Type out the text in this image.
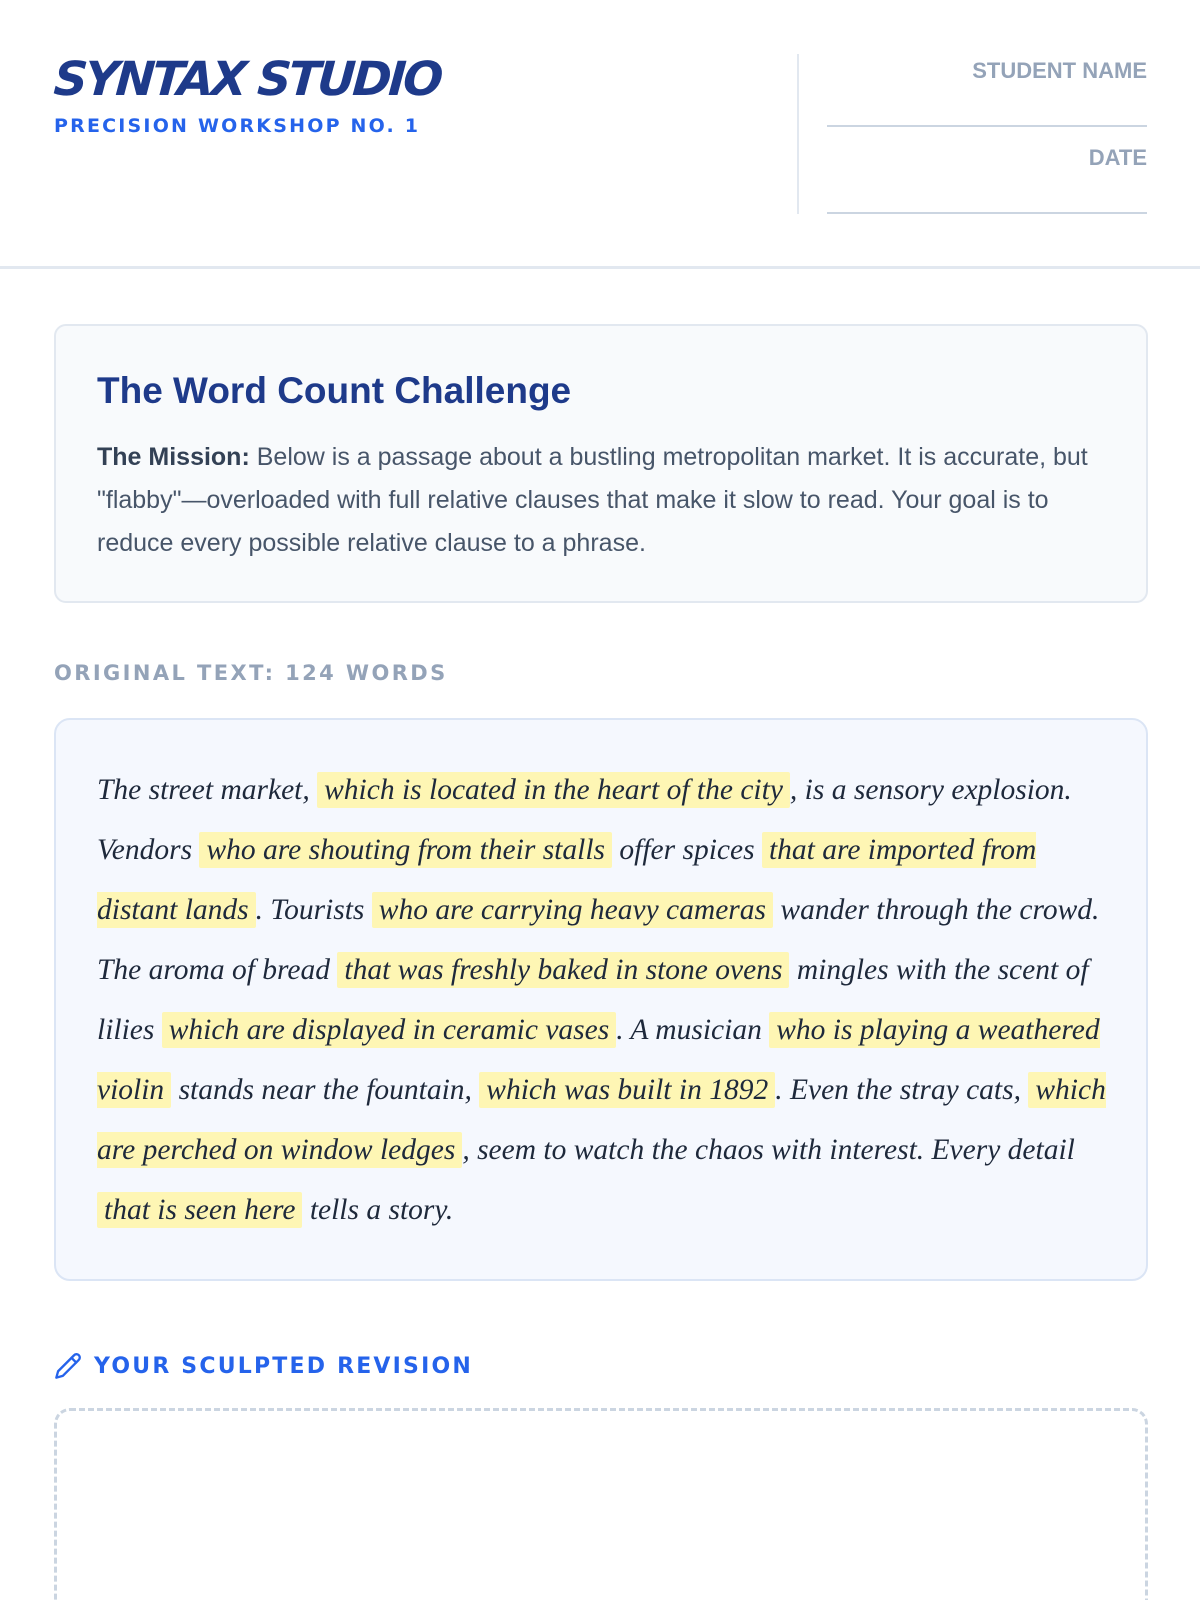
SYNTAX STUDIO
PRECISION WORKSHOP NO. 1
STUDENT NAME
DATE
The Word Count Challenge
The Mission: Below is a passage about a bustling metropolitan market. It is accurate, but "flabby"—overloaded with full relative clauses that make it slow to read. Your goal is to reduce every possible relative clause to a phrase.
ORIGINAL TEXT: 124 WORDS
The street market, which is located in the heart of the city , is a sensory explosion. Vendors who are shouting from their stalls offer spices that are imported from distant lands . Tourists who are carrying heavy cameras wander through the crowd. The aroma of bread that was freshly baked in stone ovens mingles with the scent of lilies which are displayed in ceramic vases . A musician who is playing a weathered violin stands near the fountain, which was built in 1892 . Even the stray cats, which are perched on window ledges , seem to watch the chaos with interest. Every detail that is seen here tells a story.
YOUR SCULPTED REVISION
